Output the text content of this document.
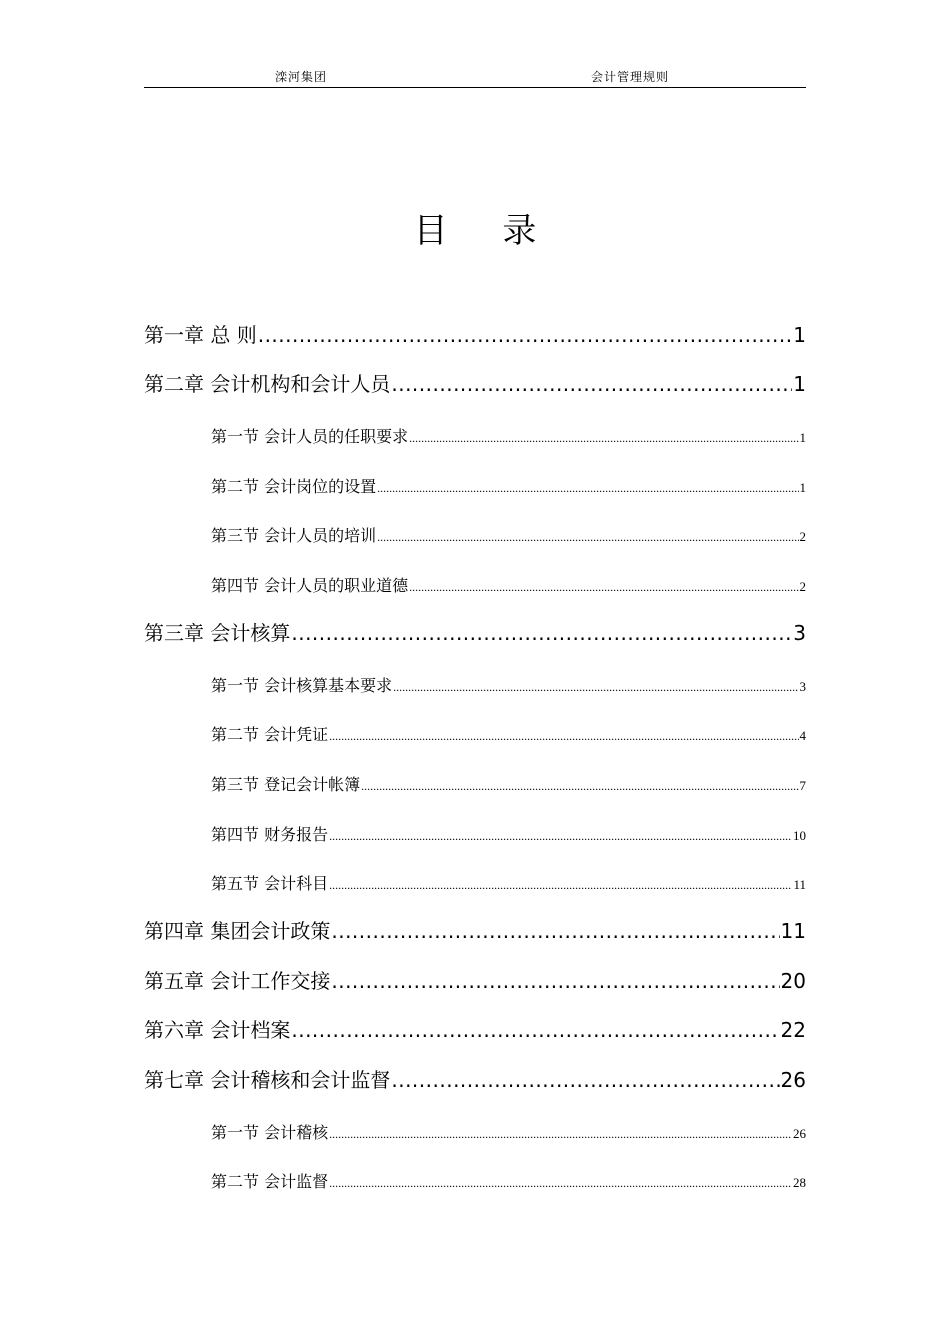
滦河集团	会计管理规则
目 录
第一章 总 则 .....	1
第二章 会计机构和会计人员 .....	1
第一节 会计人员的任职要求 .....	1
第二节 会计岗位的设置 .....	1
第三节 会计人员的培训 .....	2
第四节 会计人员的职业道德 .....	2
第三章 会计核算 .....	3
第一节 会计核算基本要求 .....	3
第二节 会计凭证 .....	4
第三节 登记会计帐簿 .....	7
第四节 财务报告 .....	10
第五节 会计科目 .....	11
第四章 集团会计政策 .....	11
第五章 会计工作交接 .....	20
第六章 会计档案 .....	22
第七章 会计稽核和会计监督 .....	26
第一节 会计稽核 .....	26
第二节 会计监督 .....	28
